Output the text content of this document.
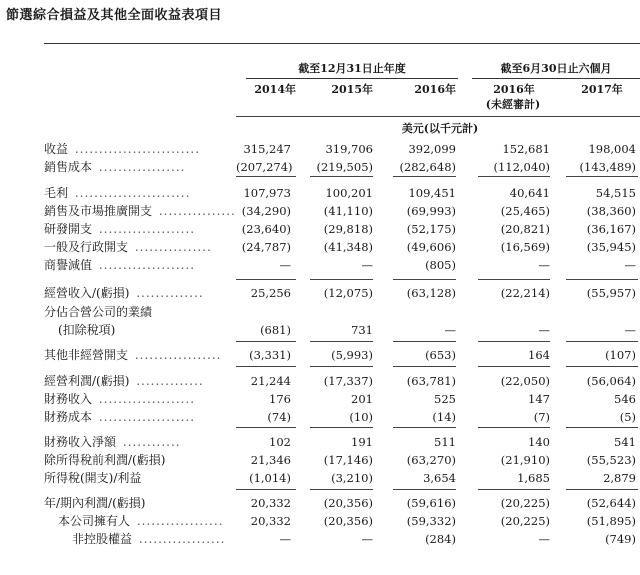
節選綜合損益及其他全面收益表項目
截至12月31日止年度	截至6月30日止六個月
2014年	2015年	2016年	2016年	2017年
(未經審計)
美元(以千元計)
收益 ..........................	315,247	319,706	392,099	152,681	198,004
銷售成本 ..................	(207,274)	(219,505)	(282,648)	(112,040)	(143,489)
毛利 ........................	107,973	100,201	109,451	40,641	54,515
銷售及市場推廣開支 ................ (34,290)	(41,110)	(69,993)	(25,465)	(38,360)
研發開支 ....................	(23,640)	(29,818)	(52,175)	(20,821)	(36,167)
一般及行政開支 ................	(24,787)	(41,348)	(49,606)	(16,569)	(35,945)
商譽減值 ....................	—	—	(805)	—	—
經營收入/(虧損) ..............	25,256	(12,075)	(63,128)	(22,214)	(55,957)
分佔合營公司的業績
(扣除稅項)	(681)	731	—	—	—
其他非經營開支 ..................	(3,331)	(5,993)	(653)	164	(107)
經營利潤/(虧損) ..............	21,244	(17,337)	(63,781)	(22,050)	(56,064)
財務收入 ....................	176	201	525	147	546
財務成本 ....................	(74)	(10)	(14)	(7)	(5)
財務收入淨額 ............	102	191	511	140	541
除所得稅前利潤/(虧損)	21,346	(17,146)	(63,270)	(21,910)	(55,523)
所得稅(開支)/利益	(1,014)	(3,210)	3,654	1,685	2,879
年/期內利潤/(虧損)	20,332	(20,356)	(59,616)	(20,225)	(52,644)
本公司擁有人 ..................	20,332	(20,356)	(59,332)	(20,225)	(51,895)
非控股權益 ..................	—	—	(284)	—	(749)
